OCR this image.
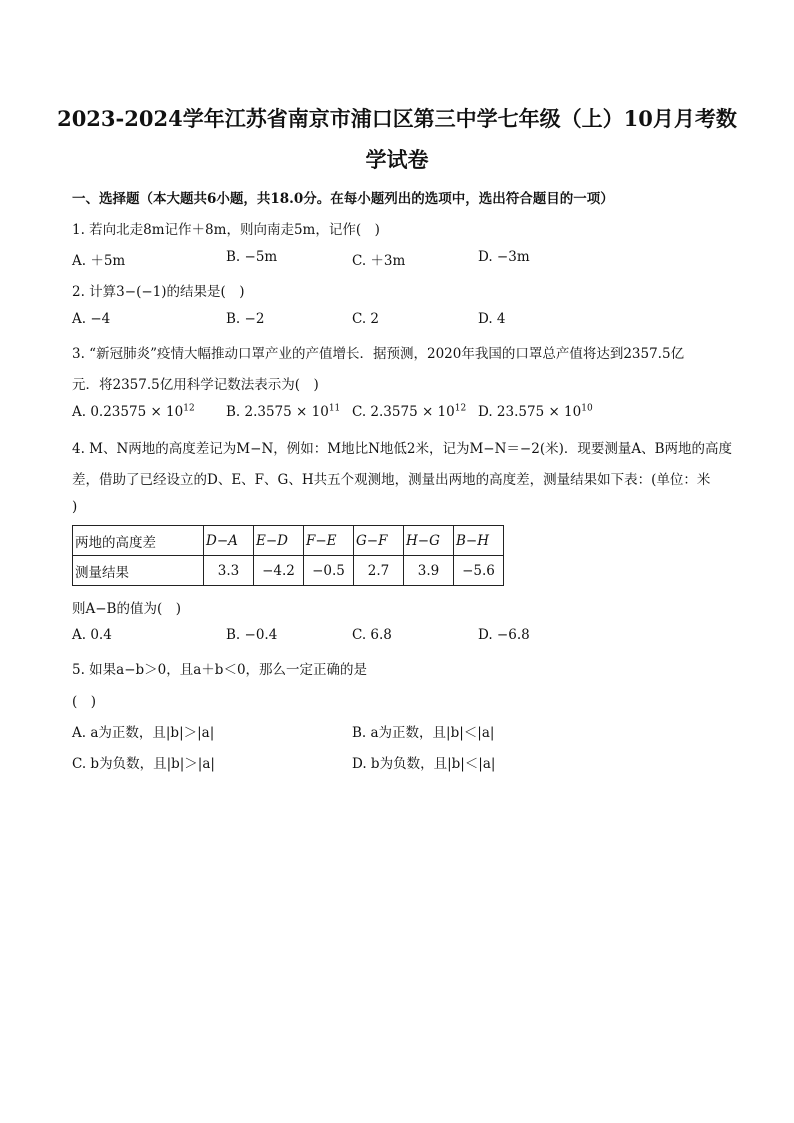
2023-2024学年江苏省南京市浦口区第三中学七年级（上）10月月考数
学试卷
一、选择题（本大题共6小题，共18.0分。在每小题列出的选项中，选出符合题目的一项）
1. 若向北走8m记作＋8m，则向南走5m，记作(　)
A. ＋5m	B. −5m	C. ＋3m	D. −3m
2. 计算3−(−1)的结果是(　)
A. −4	B. −2	C. 2	D. 4
3. “新冠肺炎”疫情大幅推动口罩产业的产值增长．据预测，2020年我国的口罩总产值将达到2357.5亿
元．将2357.5亿用科学记数法表示为(　)
A. $0.23575 \times 10^{12}$ B. $2.3575 \times 10^{11}$ C. $2.3575 \times 10^{12}$ D. $23.575 \times 10^{10}$
4. M、N两地的高度差记为M−N，例如：M地比N地低2米，记为M−N＝−2(米)．现要测量A、B两地的高度
差，借助了已经设立的D、E、F、G、H共五个观测地，测量出两地的高度差，测量结果如下表：(单位：米
)
两地的高度差	D−A	E−D	F−E	G−F	H−G	B−H
测量结果	3.3	−4.2	−0.5	2.7	3.9	−5.6
则A−B的值为(　)
A. 0.4	B. −0.4	C. 6.8	D. −6.8
5. 如果a−b＞0，且a＋b＜0，那么一定正确的是
(　)
A. a为正数，且|b|＞|a|	B. a为正数，且|b|＜|a|
C. b为负数，且|b|＞|a|	D. b为负数，且|b|＜|a|
